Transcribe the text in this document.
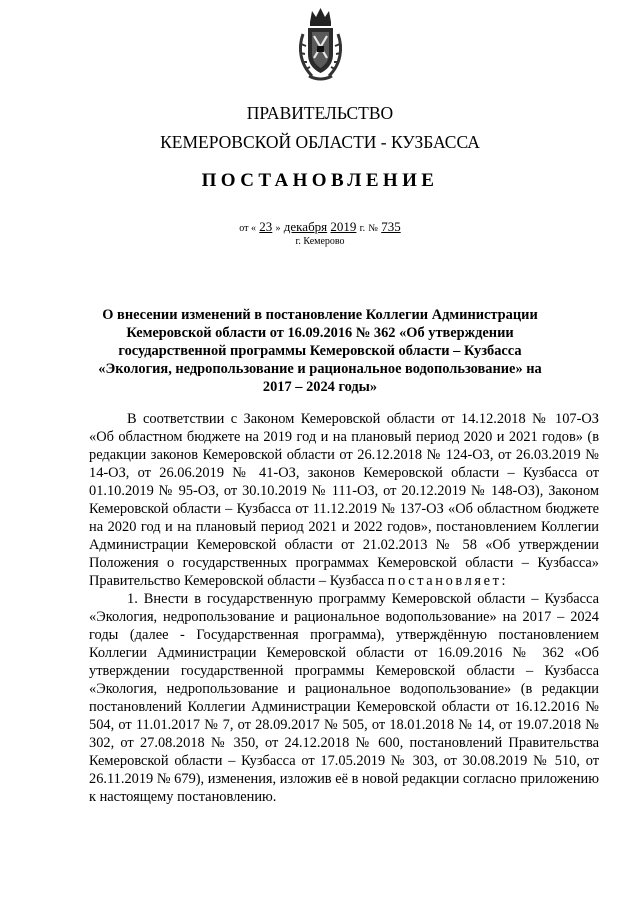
ПРАВИТЕЛЬСТВО
КЕМЕРОВСКОЙ ОБЛАСТИ - КУЗБАССА
ПОСТАНОВЛЕНИЕ
от « 23 » декабря 2019 г. № 735
г. Кемерово
О внесении изменений в постановление Коллегии Администрации Кемеровской области от 16.09.2016 № 362 «Об утверждении государственной программы Кемеровской области – Кузбасса «Экология, недропользование и рациональное водопользование» на 2017 – 2024 годы»

В соответствии с Законом Кемеровской области от 14.12.2018 № 107-ОЗ «Об областном бюджете на 2019 год и на плановый период 2020 и 2021 годов» (в редакции законов Кемеровской области от 26.12.2018 № 124-ОЗ, от 26.03.2019 № 14-ОЗ, от 26.06.2019 № 41-ОЗ, законов Кемеровской области – Кузбасса от 01.10.2019 № 95-ОЗ, от 30.10.2019 № 111-ОЗ, от 20.12.2019 № 148-ОЗ), Законом Кемеровской области – Кузбасса от 11.12.2019 № 137-ОЗ «Об областном бюджете на 2020 год и на плановый период 2021 и 2022 годов», постановлением Коллегии Администрации Кемеровской области от 21.02.2013 № 58 «Об утверждении Положения о государственных программах Кемеровской области – Кузбасса» Правительство Кемеровской области – Кузбасса постановляет:

1. Внести в государственную программу Кемеровской области – Кузбасса «Экология, недропользование и рациональное водопользование» на 2017 – 2024 годы (далее - Государственная программа), утверждённую постановлением Коллегии Администрации Кемеровской области от 16.09.2016 № 362 «Об утверждении государственной программы Кемеровской области – Кузбасса «Экология, недропользование и рациональное водопользование» (в редакции постановлений Коллегии Администрации Кемеровской области от 16.12.2016 № 504, от 11.01.2017 № 7, от 28.09.2017 № 505, от 18.01.2018 № 14, от 19.07.2018 № 302, от 27.08.2018 № 350, от 24.12.2018 № 600, постановлений Правительства Кемеровской области – Кузбасса от 17.05.2019 № 303, от 30.08.2019 № 510, от 26.11.2019 № 679), изменения, изложив её в новой редакции согласно приложению к настоящему постановлению.
